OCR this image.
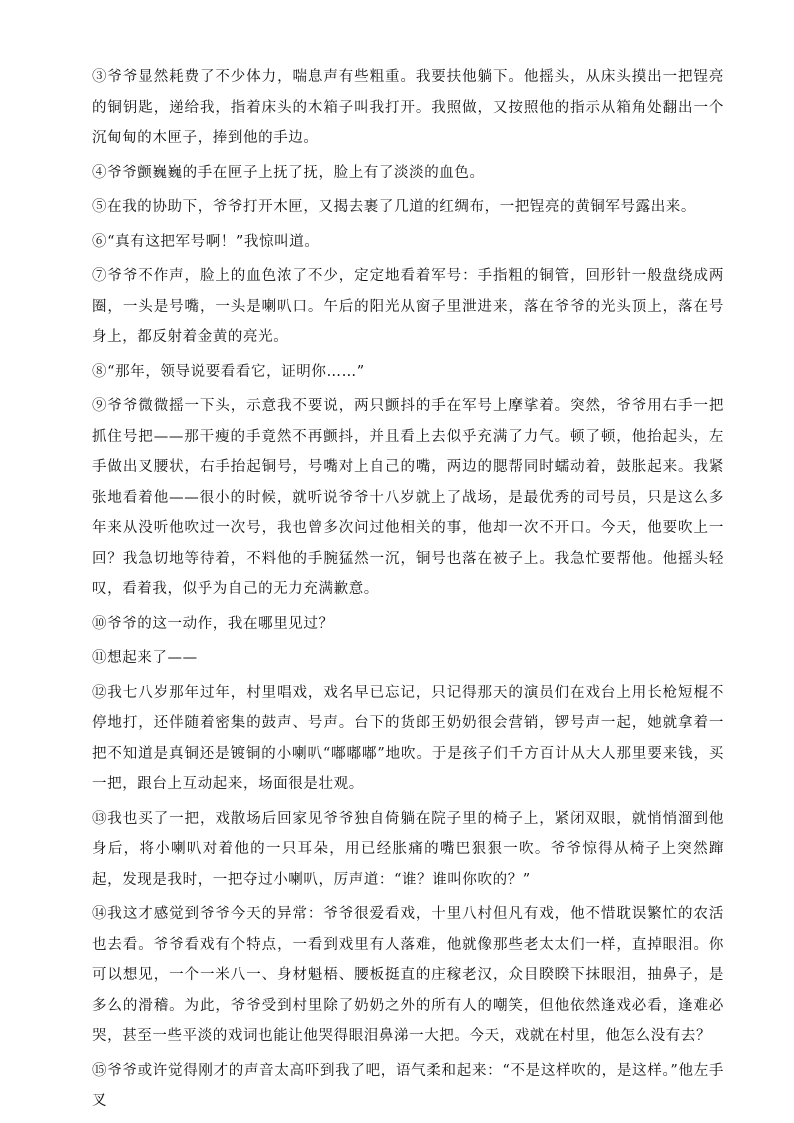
③爷爷显然耗费了不少体力，喘息声有些粗重。我要扶他躺下。他摇头，从床头摸出一把锃亮的铜钥匙，递给我，指着床头的木箱子叫我打开。我照做，又按照他的指示从箱角处翻出一个沉甸甸的木匣子，捧到他的手边。

④爷爷颤巍巍的手在匣子上抚了抚，脸上有了淡淡的血色。

⑤在我的协助下，爷爷打开木匣，又揭去裹了几道的红绸布，一把锃亮的黄铜军号露出来。

⑥“真有这把军号啊！”我惊叫道。

⑦爷爷不作声，脸上的血色浓了不少，定定地看着军号：手指粗的铜管，回形针一般盘绕成两圈，一头是号嘴，一头是喇叭口。午后的阳光从窗子里泄进来，落在爷爷的光头顶上，落在号身上，都反射着金黄的亮光。

⑧“那年，领导说要看看它，证明你……”

⑨爷爷微微摇一下头，示意我不要说，两只颤抖的手在军号上摩挲着。突然，爷爷用右手一把抓住号把——那干瘦的手竟然不再颤抖，并且看上去似乎充满了力气。顿了顿，他抬起头，左手做出叉腰状，右手抬起铜号，号嘴对上自己的嘴，两边的腮帮同时蠕动着，鼓胀起来。我紧张地看着他——很小的时候，就听说爷爷十八岁就上了战场，是最优秀的司号员，只是这么多年来从没听他吹过一次号，我也曾多次问过他相关的事，他却一次不开口。今天，他要吹上一回？我急切地等待着，不料他的手腕猛然一沉，铜号也落在被子上。我急忙要帮他。他摇头轻叹，看着我，似乎为自己的无力充满歉意。

⑩爷爷的这一动作，我在哪里见过？

⑪想起来了——

⑫我七八岁那年过年，村里唱戏，戏名早已忘记，只记得那天的演员们在戏台上用长枪短棍不停地打，还伴随着密集的鼓声、号声。台下的货郎王奶奶很会营销，锣号声一起，她就拿着一把不知道是真铜还是镀铜的小喇叭“嘟嘟嘟”地吹。于是孩子们千方百计从大人那里要来钱，买一把，跟台上互动起来，场面很是壮观。

⑬我也买了一把，戏散场后回家见爷爷独自倚躺在院子里的椅子上，紧闭双眼，就悄悄溜到他身后，将小喇叭对着他的一只耳朵，用已经胀痛的嘴巴狠狠一吹。爷爷惊得从椅子上突然蹿起，发现是我时，一把夺过小喇叭，厉声道：“谁？谁叫你吹的？”

⑭我这才感觉到爷爷今天的异常：爷爷很爱看戏，十里八村但凡有戏，他不惜耽误繁忙的农活也去看。爷爷看戏有个特点，一看到戏里有人落难，他就像那些老太太们一样，直掉眼泪。你可以想见，一个一米八一、身材魁梧、腰板挺直的庄稼老汉，众目睽睽下抹眼泪，抽鼻子，是多么的滑稽。为此，爷爷受到村里除了奶奶之外的所有人的嘲笑，但他依然逢戏必看，逢难必哭，甚至一些平淡的戏词也能让他哭得眼泪鼻涕一大把。今天，戏就在村里，他怎么没有去？

⑮爷爷或许觉得刚才的声音太高吓到我了吧，语气柔和起来：“不是这样吹的，是这样。”他左手叉
